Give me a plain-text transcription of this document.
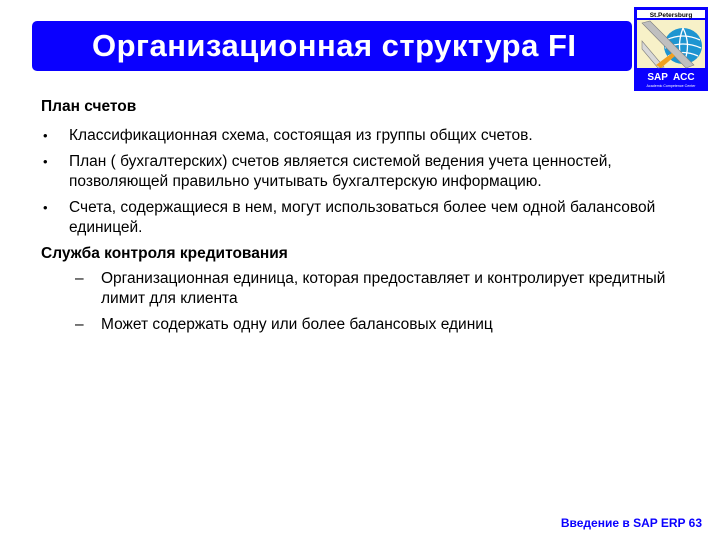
Организационная структура FI
St.Petersburg
SAP  ACC
Academic Competence Center
План счетов
• Классификационная схема, состоящая из группы общих счетов.
• План ( бухгалтерских) счетов является системой ведения учета ценностей, позволяющей правильно учитывать бухгалтерскую информацию.
• Счета, содержащиеся в нем, могут использоваться более чем одной балансовой единицей.
Служба контроля кредитования
– Организационная единица, которая предоставляет и контролирует кредитный лимит для клиента
– Может содержать одну или более балансовых единиц
Введение в SAP ERP 63
